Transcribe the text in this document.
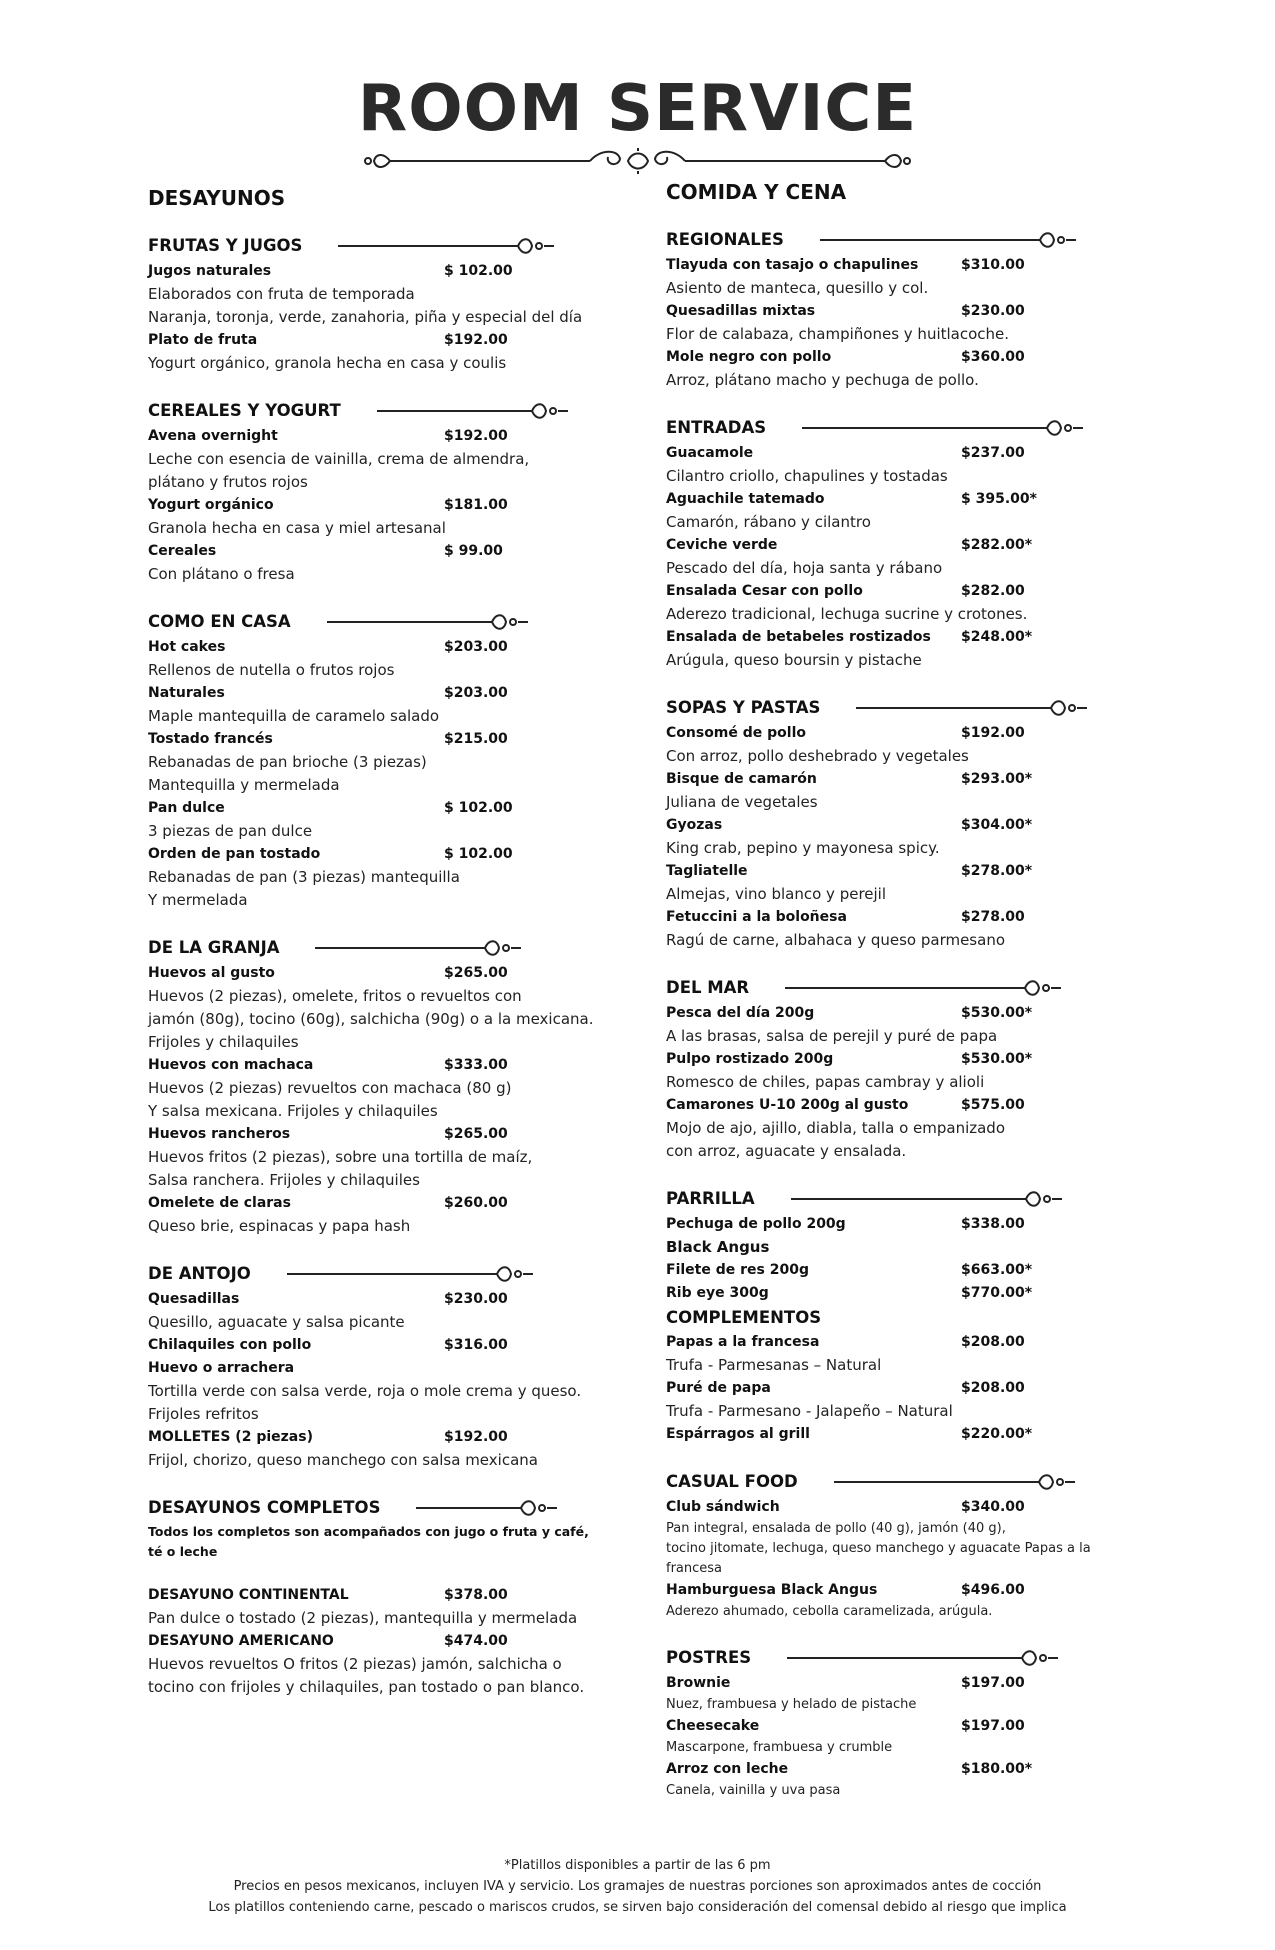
ROOM SERVICE
DESAYUNOS
FRUTAS Y JUGOS
Jugos naturales	$ 102.00
Elaborados con fruta de temporada
Naranja, toronja, verde, zanahoria, piña y especial del día
Plato de fruta	$192.00
Yogurt orgánico, granola hecha en casa y coulis
CEREALES Y YOGURT
Avena overnight	$192.00
Leche con esencia de vainilla, crema de almendra,
plátano y frutos rojos
Yogurt orgánico	$181.00
Granola hecha en casa y miel artesanal
Cereales	$ 99.00
Con plátano o fresa
COMO EN CASA
Hot cakes	$203.00
Rellenos de nutella o frutos rojos
Naturales	$203.00
Maple mantequilla de caramelo salado
Tostado francés	$215.00
Rebanadas de pan brioche (3 piezas)
Mantequilla y mermelada
Pan dulce	$ 102.00
3 piezas de pan dulce
Orden de pan tostado	$ 102.00
Rebanadas de pan (3 piezas) mantequilla
Y mermelada
DE LA GRANJA
Huevos al gusto	$265.00
Huevos (2 piezas), omelete, fritos o revueltos con
jamón (80g), tocino (60g), salchicha (90g) o a la mexicana.
Frijoles y chilaquiles
Huevos con machaca	$333.00
Huevos (2 piezas) revueltos con machaca (80 g)
Y salsa mexicana. Frijoles y chilaquiles
Huevos rancheros	$265.00
Huevos fritos (2 piezas), sobre una tortilla de maíz,
Salsa ranchera. Frijoles y chilaquiles
Omelete de claras	$260.00
Queso brie, espinacas y papa hash
DE ANTOJO
Quesadillas	$230.00
Quesillo, aguacate y salsa picante
Chilaquiles con pollo	$316.00
Huevo o arrachera
Tortilla verde con salsa verde, roja o mole crema y queso.
Frijoles refritos
MOLLETES (2 piezas)	$192.00
Frijol, chorizo, queso manchego con salsa mexicana
DESAYUNOS COMPLETOS
Todos los completos son acompañados con jugo o fruta y café,
té o leche
DESAYUNO CONTINENTAL	$378.00
Pan dulce o tostado (2 piezas), mantequilla y mermelada
DESAYUNO AMERICANO	$474.00
Huevos revueltos O fritos (2 piezas) jamón, salchicha o
tocino con frijoles y chilaquiles, pan tostado o pan blanco.
COMIDA Y CENA
REGIONALES
Tlayuda con tasajo o chapulines	$310.00
Asiento de manteca, quesillo y col.
Quesadillas mixtas	$230.00
Flor de calabaza, champiñones y huitlacoche.
Mole negro con pollo	$360.00
Arroz, plátano macho y pechuga de pollo.
ENTRADAS
Guacamole	$237.00
Cilantro criollo, chapulines y tostadas
Aguachile tatemado	$ 395.00*
Camarón, rábano y cilantro
Ceviche verde	$282.00*
Pescado del día, hoja santa y rábano
Ensalada Cesar con pollo	$282.00
Aderezo tradicional, lechuga sucrine y crotones.
Ensalada de betabeles rostizados $248.00*
Arúgula, queso boursin y pistache
SOPAS Y PASTAS
Consomé de pollo	$192.00
Con arroz, pollo deshebrado y vegetales
Bisque de camarón	$293.00*
Juliana de vegetales
Gyozas	$304.00*
King crab, pepino y mayonesa spicy.
Tagliatelle	$278.00*
Almejas, vino blanco y perejil
Fetuccini a la boloñesa	$278.00
Ragú de carne, albahaca y queso parmesano
DEL MAR
Pesca del día 200g	$530.00*
A las brasas, salsa de perejil y puré de papa
Pulpo rostizado 200g	$530.00*
Romesco de chiles, papas cambray y alioli
Camarones U-10 200g al gusto	$575.00
Mojo de ajo, ajillo, diabla, talla o empanizado
con arroz, aguacate y ensalada.
PARRILLA
Pechuga de pollo 200g	$338.00
Black Angus
Filete de res 200g	$663.00*
Rib eye 300g	$770.00*
COMPLEMENTOS
Papas a la francesa	$208.00
Trufa - Parmesanas – Natural
Puré de papa	$208.00
Trufa - Parmesano - Jalapeño – Natural
Espárragos al grill	$220.00*
CASUAL FOOD
Club sándwich	$340.00
Pan integral, ensalada de pollo (40 g), jamón (40 g),
tocino jitomate, lechuga, queso manchego y aguacate Papas a la
francesa
Hamburguesa Black Angus	$496.00
Aderezo ahumado, cebolla caramelizada, arúgula.
POSTRES
Brownie	$197.00
Nuez, frambuesa y helado de pistache
Cheesecake	$197.00
Mascarpone, frambuesa y crumble
Arroz con leche	$180.00*
Canela, vainilla y uva pasa
*Platillos disponibles a partir de las 6 pm
Precios en pesos mexicanos, incluyen IVA y servicio. Los gramajes de nuestras porciones son aproximados antes de cocción
Los platillos conteniendo carne, pescado o mariscos crudos, se sirven bajo consideración del comensal debido al riesgo que implica
